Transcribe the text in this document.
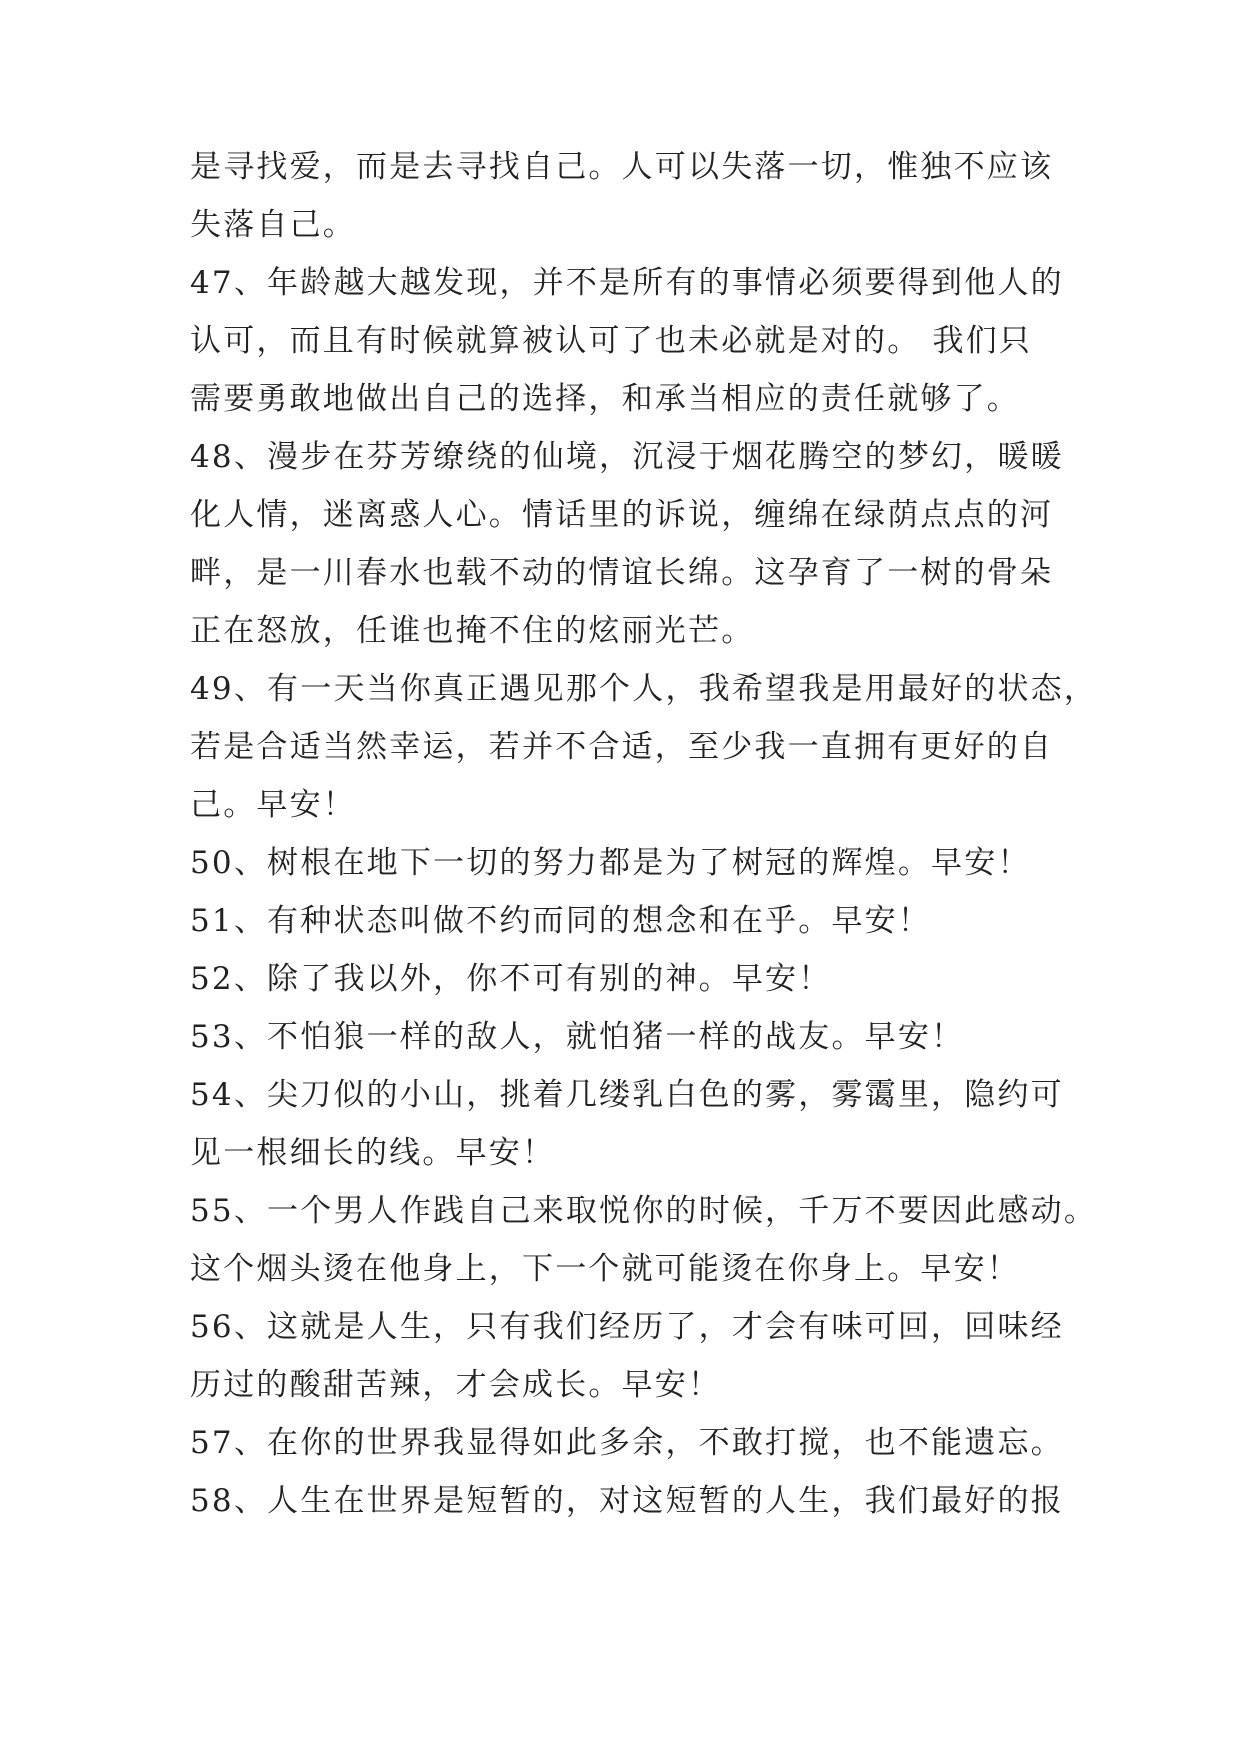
是寻找爱，而是去寻找自己。人可以失落一切，惟独不应该
失落自己。
47、年龄越大越发现，并不是所有的事情必须要得到他人的
认可，而且有时候就算被认可了也未必就是对的。 我们只
需要勇敢地做出自己的选择，和承当相应的责任就够了。
48、漫步在芬芳缭绕的仙境，沉浸于烟花腾空的梦幻，暖暖
化人情，迷离惑人心。情话里的诉说，缠绵在绿荫点点的河
畔，是一川春水也载不动的情谊长绵。这孕育了一树的骨朵
正在怒放，任谁也掩不住的炫丽光芒。
49、有一天当你真正遇见那个人，我希望我是用最好的状态，
若是合适当然幸运，若并不合适，至少我一直拥有更好的自
己。早安！
50、树根在地下一切的努力都是为了树冠的辉煌。早安！
51、有种状态叫做不约而同的想念和在乎。早安！
52、除了我以外，你不可有别的神。早安！
53、不怕狼一样的敌人，就怕猪一样的战友。早安！
54、尖刀似的小山，挑着几缕乳白色的雾，雾霭里，隐约可
见一根细长的线。早安！
55、一个男人作践自己来取悦你的时候，千万不要因此感动。
这个烟头烫在他身上，下一个就可能烫在你身上。早安！
56、这就是人生，只有我们经历了，才会有味可回，回味经
历过的酸甜苦辣，才会成长。早安！
57、在你的世界我显得如此多余，不敢打搅，也不能遗忘。
58、人生在世界是短暂的，对这短暂的人生，我们最好的报
